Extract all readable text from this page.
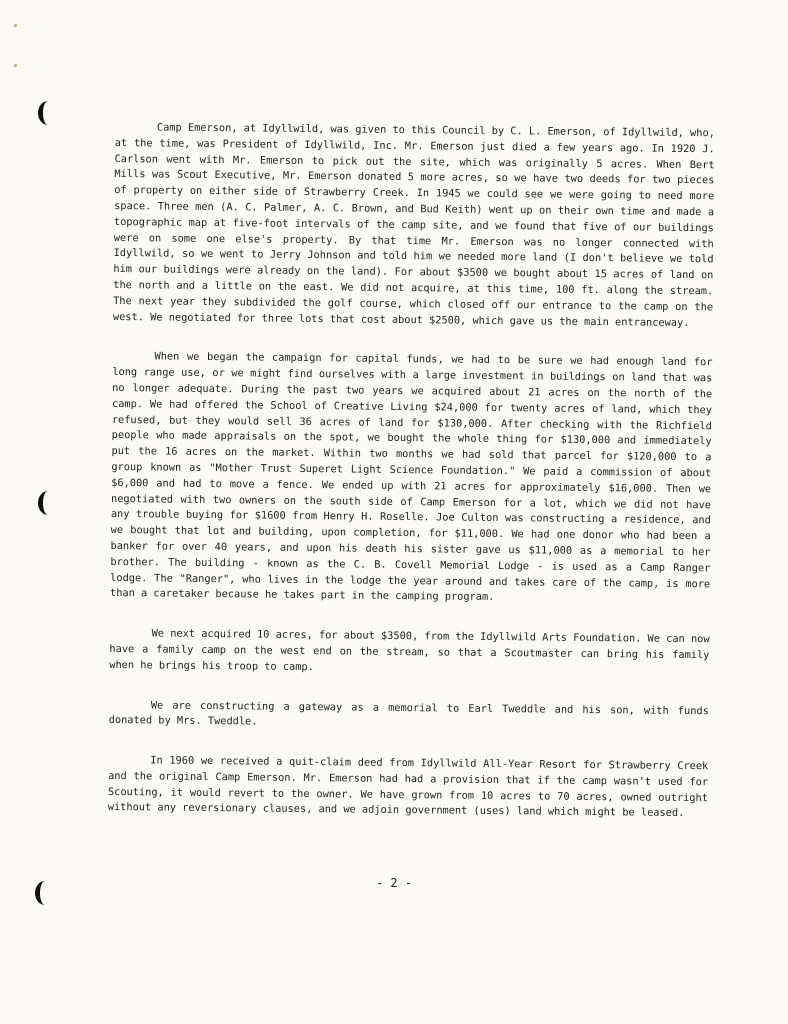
Camp Emerson, at Idyllwild, was given to this Council by C. L. Emerson, of Idyllwild, who, at the time, was President of Idyllwild, Inc. Mr. Emerson just died a few years ago. In 1920 J. Carlson went with Mr. Emerson to pick out the site, which was originally 5 acres. When Bert Mills was Scout Executive, Mr. Emerson donated 5 more acres, so we have two deeds for two pieces of property on either side of Strawberry Creek. In 1945 we could see we were going to need more space. Three men (A. C. Palmer, A. C. Brown, and Bud Keith) went up on their own time and made a topographic map at five-foot intervals of the camp site, and we found that five of our buildings were on some one else's property. By that time Mr. Emerson was no longer connected with Idyllwild, so we went to Jerry Johnson and told him we needed more land (I don't believe we told him our buildings were already on the land). For about $3500 we bought about 15 acres of land on the north and a little on the east. We did not acquire, at this time, 100 ft. along the stream. The next year they subdivided the golf course, which closed off our entrance to the camp on the west. We negotiated for three lots that cost about $2500, which gave us the main entranceway.

When we began the campaign for capital funds, we had to be sure we had enough land for long range use, or we might find ourselves with a large investment in buildings on land that was no longer adequate. During the past two years we acquired about 21 acres on the north of the camp. We had offered the School of Creative Living $24,000 for twenty acres of land, which they refused, but they would sell 36 acres of land for $130,000. After checking with the Richfield people who made appraisals on the spot, we bought the whole thing for $130,000 and immediately put the 16 acres on the market. Within two months we had sold that parcel for $120,000 to a group known as "Mother Trust Superet Light Science Foundation." We paid a commission of about $6,000 and had to move a fence. We ended up with 21 acres for approximately $16,000. Then we negotiated with two owners on the south side of Camp Emerson for a lot, which we did not have any trouble buying for $1600 from Henry H. Roselle. Joe Culton was constructing a residence, and we bought that lot and building, upon completion, for $11,000. We had one donor who had been a banker for over 40 years, and upon his death his sister gave us $11,000 as a memorial to her brother. The building - known as the C. B. Covell Memorial Lodge - is used as a Camp Ranger lodge. The "Ranger", who lives in the lodge the year around and takes care of the camp, is more than a caretaker because he takes part in the camping program.

We next acquired 10 acres, for about $3500, from the Idyllwild Arts Foundation. We can now have a family camp on the west end on the stream, so that a Scoutmaster can bring his family when he brings his troop to camp.

We are constructing a gateway as a memorial to Earl Tweddle and his son, with funds donated by Mrs. Tweddle.

In 1960 we received a quit-claim deed from Idyllwild All-Year Resort for Strawberry Creek and the original Camp Emerson. Mr. Emerson had had a provision that if the camp wasn't used for Scouting, it would revert to the owner. We have grown from 10 acres to 70 acres, owned outright without any reversionary clauses, and we adjoin government (uses) land which might be leased.

- 2 -
